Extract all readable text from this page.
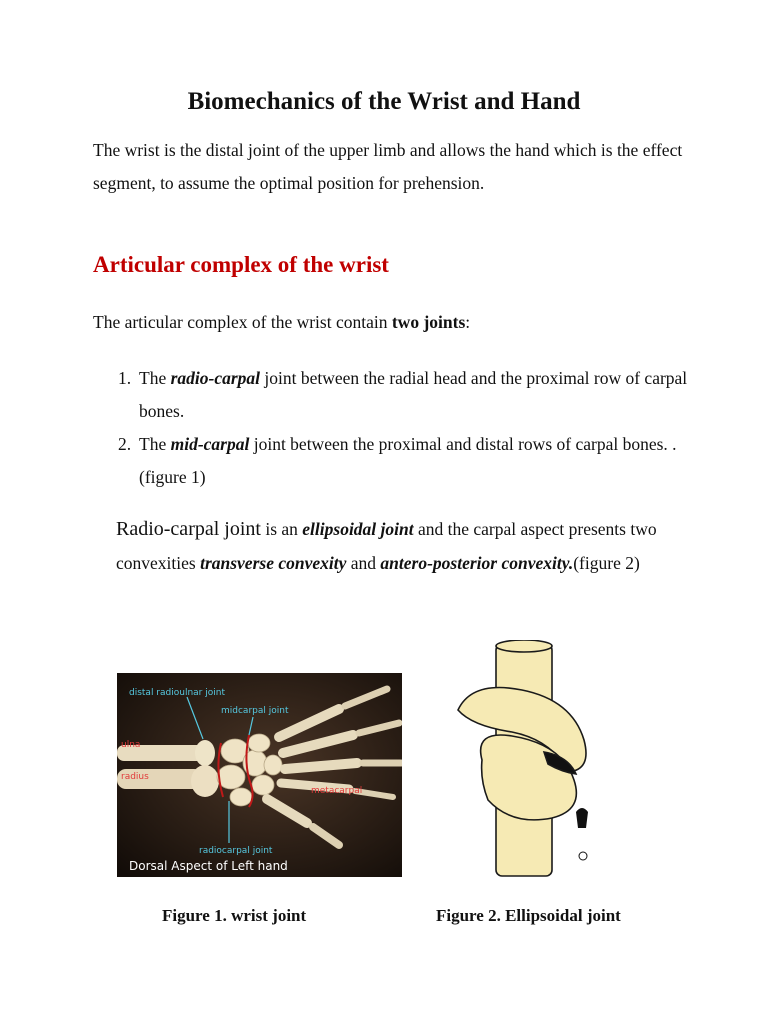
Biomechanics of the Wrist and Hand

The wrist is the distal joint of the upper limb and allows the hand which is the effect segment, to assume the optimal position for prehension.

Articular complex of the wrist

The articular complex of the wrist contain two joints:

1. The radio-carpal joint between the radial head and the proximal row of carpal bones.
2. The mid-carpal joint between the proximal and distal rows of carpal bones. .(figure 1)

Radio-carpal joint is an ellipsoidal joint and the carpal aspect presents two convexities transverse convexity and antero-posterior convexity.(figure 2)

distal radioulnar joint
midcarpal joint
ulna
radius
metacarpal
radiocarpal joint
Dorsal Aspect of Left hand

Figure 1. wrist joint	Figure 2. Ellipsoidal joint
